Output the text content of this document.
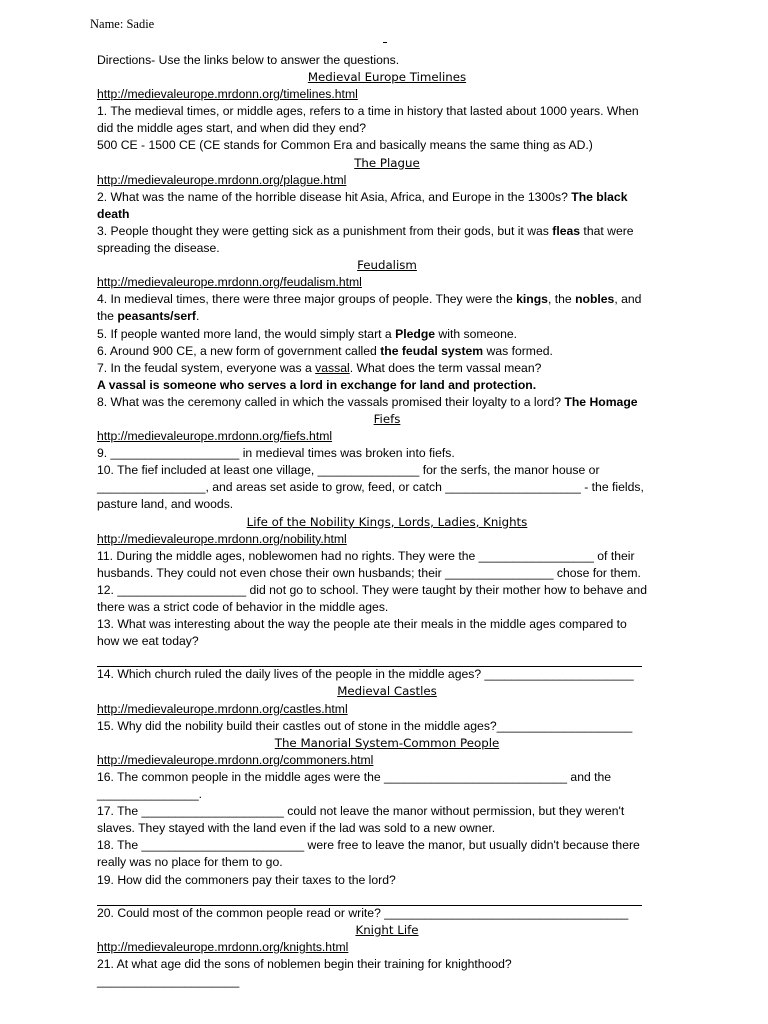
Name: Sadie
Directions- Use the links below to answer the questions.
Medieval Europe Timelines
http://medievaleurope.mrdonn.org/timelines.html
1. The medieval times, or middle ages, refers to a time in history that lasted about 1000 years. When
did the middle ages start, and when did they end?
500 CE - 1500 CE (CE stands for Common Era and basically means the same thing as AD.)
The Plague
http://medievaleurope.mrdonn.org/plague.html
2. What was the name of the horrible disease hit Asia, Africa, and Europe in the 1300s? The black
death
3. People thought they were getting sick as a punishment from their gods, but it was fleas that were
spreading the disease.
Feudalism
http://medievaleurope.mrdonn.org/feudalism.html
4. In medieval times, there were three major groups of people. They were the kings, the nobles, and
the peasants/serf.
5. If people wanted more land, the would simply start a Pledge with someone.
6. Around 900 CE, a new form of government called the feudal system was formed.
7. In the feudal system, everyone was a vassal. What does the term vassal mean?
A vassal is someone who serves a lord in exchange for land and protection.
8. What was the ceremony called in which the vassals promised their loyalty to a lord? The Homage
Fiefs
http://medievaleurope.mrdonn.org/fiefs.html
9. ___________________ in medieval times was broken into fiefs.
10. The fief included at least one village, _______________ for the serfs, the manor house or
________________, and areas set aside to grow, feed, or catch ____________________ - the fields,
pasture land, and woods.
Life of the Nobility Kings, Lords, Ladies, Knights
http://medievaleurope.mrdonn.org/nobility.html
11. During the middle ages, noblewomen had no rights. They were the _________________ of their
husbands. They could not even chose their own husbands; their ________________ chose for them.
12. ___________________ did not go to school. They were taught by their mother how to behave and
there was a strict code of behavior in the middle ages.
13. What was interesting about the way the people ate their meals in the middle ages compared to
how we eat today?
14. Which church ruled the daily lives of the people in the middle ages? ______________________
Medieval Castles
http://medievaleurope.mrdonn.org/castles.html
15. Why did the nobility build their castles out of stone in the middle ages?____________________
The Manorial System-Common People
http://medievaleurope.mrdonn.org/commoners.html
16. The common people in the middle ages were the ___________________________ and the
_______________.
17. The _____________________ could not leave the manor without permission, but they weren't
slaves. They stayed with the land even if the lad was sold to a new owner.
18. The ________________________ were free to leave the manor, but usually didn't because there
really was no place for them to go.
19. How did the commoners pay their taxes to the lord?
20. Could most of the common people read or write? ____________________________________
Knight Life
http://medievaleurope.mrdonn.org/knights.html
21. At what age did the sons of noblemen begin their training for knighthood?
_____________________
